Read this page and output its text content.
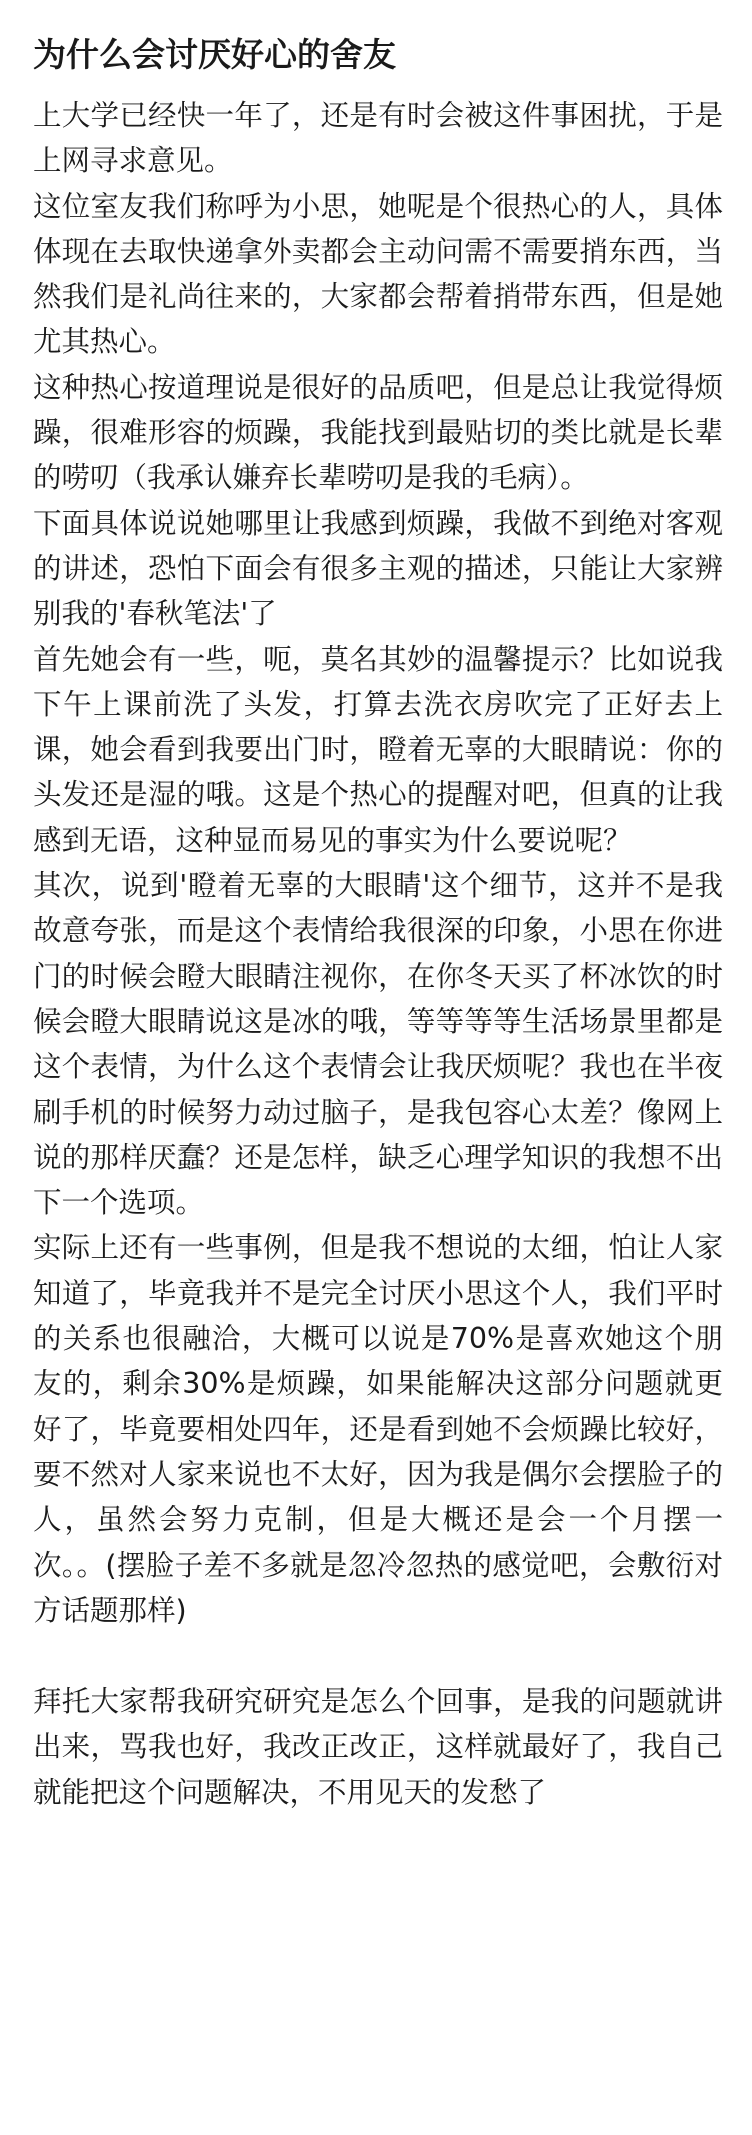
为什么会讨厌好心的舍友

上大学已经快一年了，还是有时会被这件事困扰，于是上网寻求意见。

这位室友我们称呼为小思，她呢是个很热心的人，具体体现在去取快递拿外卖都会主动问需不需要捎东西，当然我们是礼尚往来的，大家都会帮着捎带东西，但是她尤其热心。

这种热心按道理说是很好的品质吧，但是总让我觉得烦躁，很难形容的烦躁，我能找到最贴切的类比就是长辈的唠叨（我承认嫌弃长辈唠叨是我的毛病）。

下面具体说说她哪里让我感到烦躁，我做不到绝对客观的讲述，恐怕下面会有很多主观的描述，只能让大家辨别我的'春秋笔法'了

首先她会有一些，呃，莫名其妙的温馨提示？比如说我下午上课前洗了头发，打算去洗衣房吹完了正好去上课，她会看到我要出门时，瞪着无辜的大眼睛说：你的头发还是湿的哦。这是个热心的提醒对吧，但真的让我感到无语，这种显而易见的事实为什么要说呢？

其次，说到'瞪着无辜的大眼睛'这个细节，这并不是我故意夸张，而是这个表情给我很深的印象，小思在你进门的时候会瞪大眼睛注视你，在你冬天买了杯冰饮的时候会瞪大眼睛说这是冰的哦，等等等等生活场景里都是这个表情，为什么这个表情会让我厌烦呢？我也在半夜刷手机的时候努力动过脑子，是我包容心太差？像网上说的那样厌蠢？还是怎样，缺乏心理学知识的我想不出下一个选项。

实际上还有一些事例，但是我不想说的太细，怕让人家知道了，毕竟我并不是完全讨厌小思这个人，我们平时的关系也很融洽，大概可以说是70%是喜欢她这个朋友的，剩余30%是烦躁，如果能解决这部分问题就更好了，毕竟要相处四年，还是看到她不会烦躁比较好，要不然对人家来说也不太好，因为我是偶尔会摆脸子的人，虽然会努力克制，但是大概还是会一个月摆一次。。(摆脸子差不多就是忽冷忽热的感觉吧，会敷衍对方话题那样)

拜托大家帮我研究研究是怎么个回事，是我的问题就讲出来，骂我也好，我改正改正，这样就最好了，我自己就能把这个问题解决，不用见天的发愁了
